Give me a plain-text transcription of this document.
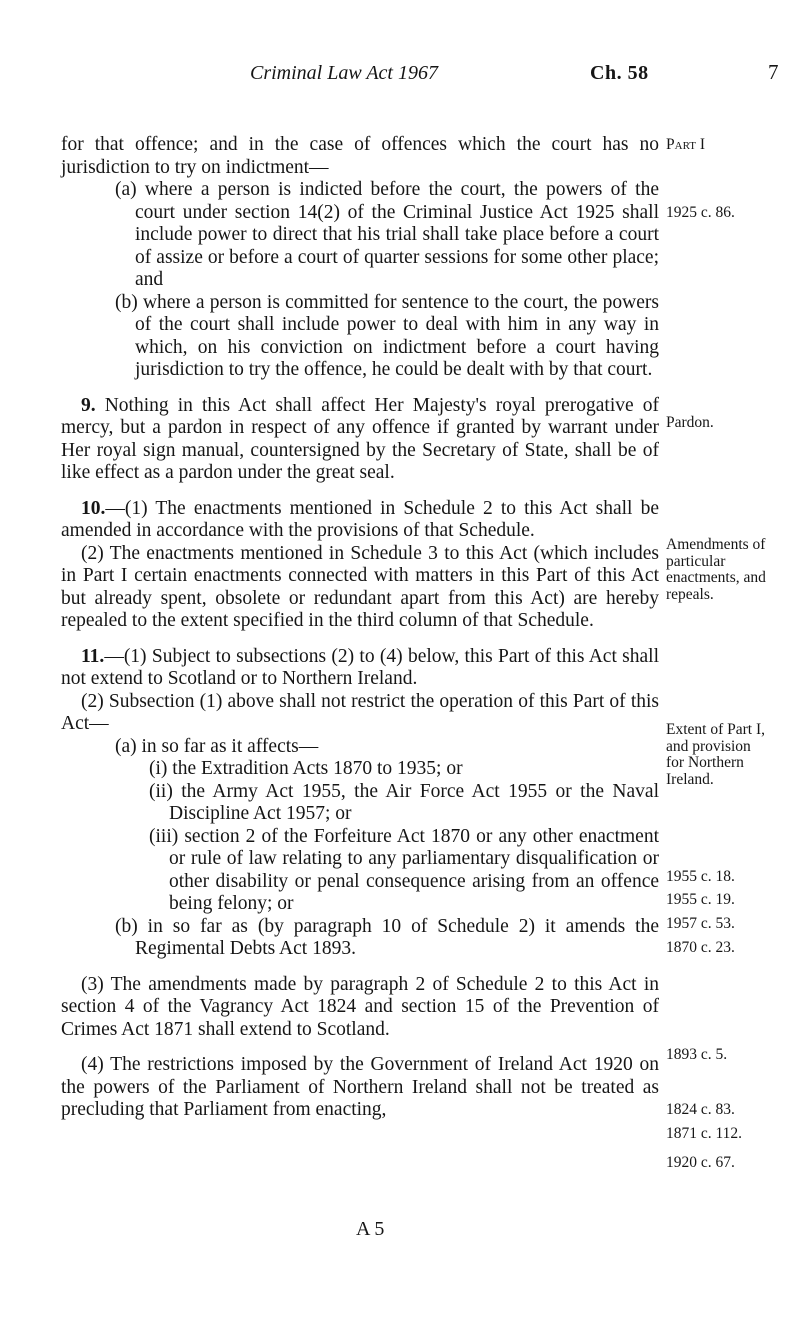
Criminal Law Act 1967	Ch. 58	7

for that offence; and in the case of offences which the court has no jurisdiction to try on indictment—

(a) where a person is indicted before the court, the powers of the court under section 14(2) of the Criminal Justice Act 1925 shall include power to direct that his trial shall take place before a court of assize or before a court of quarter sessions for some other place; and

(b) where a person is committed for sentence to the court, the powers of the court shall include power to deal with him in any way in which, on his conviction on indictment before a court having jurisdiction to try the offence, he could be dealt with by that court.

9. Nothing in this Act shall affect Her Majesty's royal prerogative of mercy, but a pardon in respect of any offence if granted by warrant under Her royal sign manual, countersigned by the Secretary of State, shall be of like effect as a pardon under the great seal.

10.—(1) The enactments mentioned in Schedule 2 to this Act shall be amended in accordance with the provisions of that Schedule.

(2) The enactments mentioned in Schedule 3 to this Act (which includes in Part I certain enactments connected with matters in this Part of this Act but already spent, obsolete or redundant apart from this Act) are hereby repealed to the extent specified in the third column of that Schedule.

11.—(1) Subject to subsections (2) to (4) below, this Part of this Act shall not extend to Scotland or to Northern Ireland.

(2) Subsection (1) above shall not restrict the operation of this Part of this Act—

(a) in so far as it affects—

(i) the Extradition Acts 1870 to 1935; or

(ii) the Army Act 1955, the Air Force Act 1955 or the Naval Discipline Act 1957; or

(iii) section 2 of the Forfeiture Act 1870 or any other enactment or rule of law relating to any parliamentary disqualification or other disability or penal consequence arising from an offence being felony; or

(b) in so far as (by paragraph 10 of Schedule 2) it amends the Regimental Debts Act 1893.

(3) The amendments made by paragraph 2 of Schedule 2 to this Act in section 4 of the Vagrancy Act 1824 and section 15 of the Prevention of Crimes Act 1871 shall extend to Scotland.

(4) The restrictions imposed by the Government of Ireland Act 1920 on the powers of the Parliament of Northern Ireland shall not be treated as precluding that Parliament from enacting,

Part I
1925 c. 86.
Pardon.
Amendments of particular enactments, and repeals.
Extent of Part I, and provision for Northern Ireland.
1955 c. 18.
1955 c. 19.
1957 c. 53.
1870 c. 23.
1893 c. 5.
1824 c. 83.
1871 c. 112.
1920 c. 67.
A 5
